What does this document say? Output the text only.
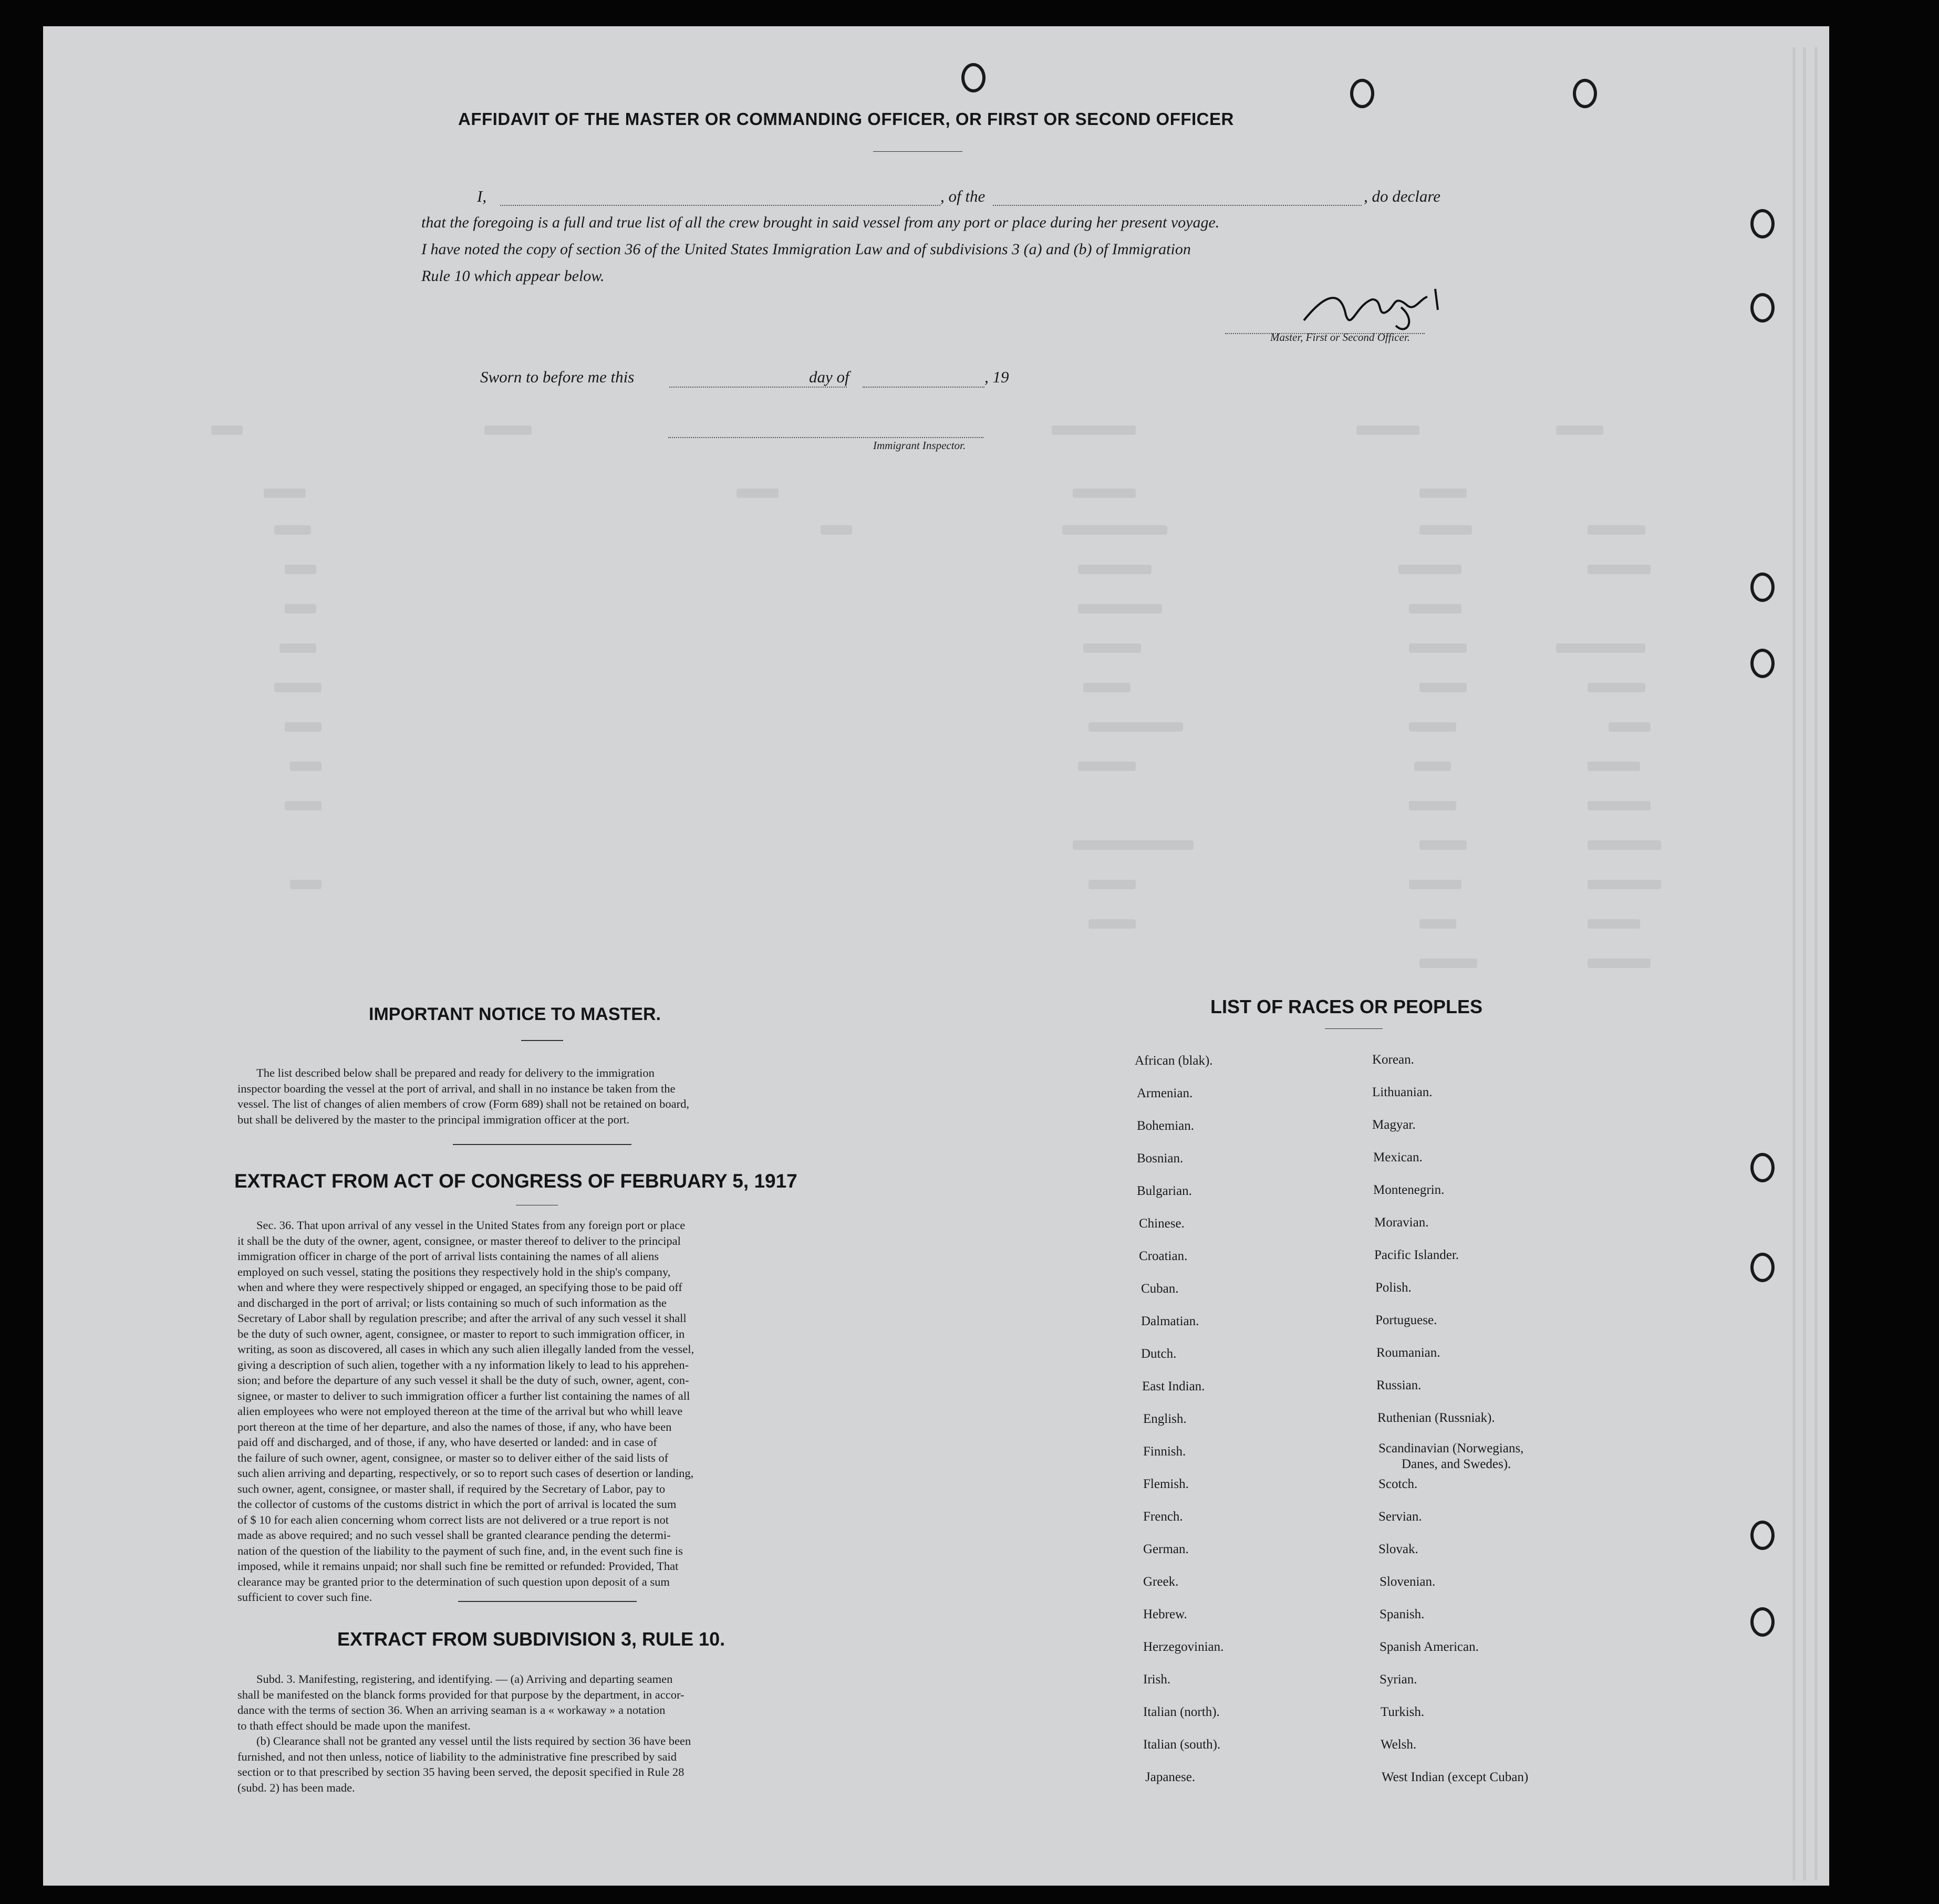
AFFIDAVIT OF THE MASTER OR COMMANDING OFFICER, OR FIRST OR SECOND OFFICER
I,	, of the	, do declare
that the foregoing is a full and true list of all the crew brought in said vessel from any port or place during her present voyage.
I have noted the copy of section 36 of the United States Immigration Law and of subdivisions 3 (a) and (b) of Immigration
Rule 10 which appear below.
Master, First or Second Officer.
Sworn to before me this	day of	, 19
Immigrant Inspector.
IMPORTANT NOTICE TO MASTER.
The list described below shall be prepared and ready for delivery to the immigration
inspector boarding the vessel at the port of arrival, and shall in no instance be taken from the
vessel. The list of changes of alien members of crow (Form 689) shall not be retained on board,
but shall be delivered by the master to the principal immigration officer at the port.
EXTRACT FROM ACT OF CONGRESS OF FEBRUARY 5, 1917
Sec. 36. That upon arrival of any vessel in the United States from any foreign port or place
it shall be the duty of the owner, agent, consignee, or master thereof to deliver to the principal
immigration officer in charge of the port of arrival lists containing the names of all aliens
employed on such vessel, stating the positions they respectively hold in the ship's company,
when and where they were respectively shipped or engaged, an specifying those to be paid off
and discharged in the port of arrival; or lists containing so much of such information as the
Secretary of Labor shall by regulation prescribe; and after the arrival of any such vessel it shall
be the duty of such owner, agent, consignee, or master to report to such immigration officer, in
writing, as soon as discovered, all cases in which any such alien illegally landed from the vessel,
giving a description of such alien, together with a ny information likely to lead to his apprehen-
sion; and before the departure of any such vessel it shall be the duty of such, owner, agent, con-
signee, or master to deliver to such immigration officer a further list containing the names of all
alien employees who were not employed thereon at the time of the arrival but who whill leave
port thereon at the time of her departure, and also the names of those, if any, who have been
paid off and discharged, and of those, if any, who have deserted or landed: and in case of
the failure of such owner, agent, consignee, or master so to deliver either of the said lists of
such alien arriving and departing, respectively, or so to report such cases of desertion or landing,
such owner, agent, consignee, or master shall, if required by the Secretary of Labor, pay to
the collector of customs of the customs district in which the port of arrival is located the sum
of $ 10 for each alien concerning whom correct lists are not delivered or a true report is not
made as above required; and no such vessel shall be granted clearance pending the determi-
nation of the question of the liability to the payment of such fine, and, in the event such fine is
imposed, while it remains unpaid; nor shall such fine be remitted or refunded: Provided, That
clearance may be granted prior to the determination of such question upon deposit of a sum
sufficient to cover such fine.
EXTRACT FROM SUBDIVISION 3, RULE 10.
Subd. 3. Manifesting, registering, and identifying. — (a) Arriving and departing seamen
shall be manifested on the blanck forms provided for that purpose by the department, in accor-
dance with the terms of section 36. When an arriving seaman is a « workaway » a notation
to thath effect should be made upon the manifest.
(b) Clearance shall not be granted any vessel until the lists required by section 36 have been
furnished, and not then unless, notice of liability to the administrative fine prescribed by said
section or to that prescribed by section 35 having been served, the deposit specified in Rule 28
(subd. 2) has been made.
LIST OF RACES OR PEOPLES
African (blak).
Armenian.
Bohemian.
Bosnian.
Bulgarian.
Chinese.
Croatian.
Cuban.
Dalmatian.
Dutch.
East Indian.
English.
Finnish.
Flemish.
French.
German.
Greek.
Hebrew.
Herzegovinian.
Irish.
Italian (north).
Italian (south).
Japanese.
Korean.
Lithuanian.
Magyar.
Mexican.
Montenegrin.
Moravian.
Pacific Islander.
Polish.
Portuguese.
Roumanian.
Russian.
Ruthenian (Russniak).
Scandinavian (Norwegians,
Danes, and Swedes).
Scotch.
Servian.
Slovak.
Slovenian.
Spanish.
Spanish American.
Syrian.
Turkish.
Welsh.
West Indian (except Cuban)
